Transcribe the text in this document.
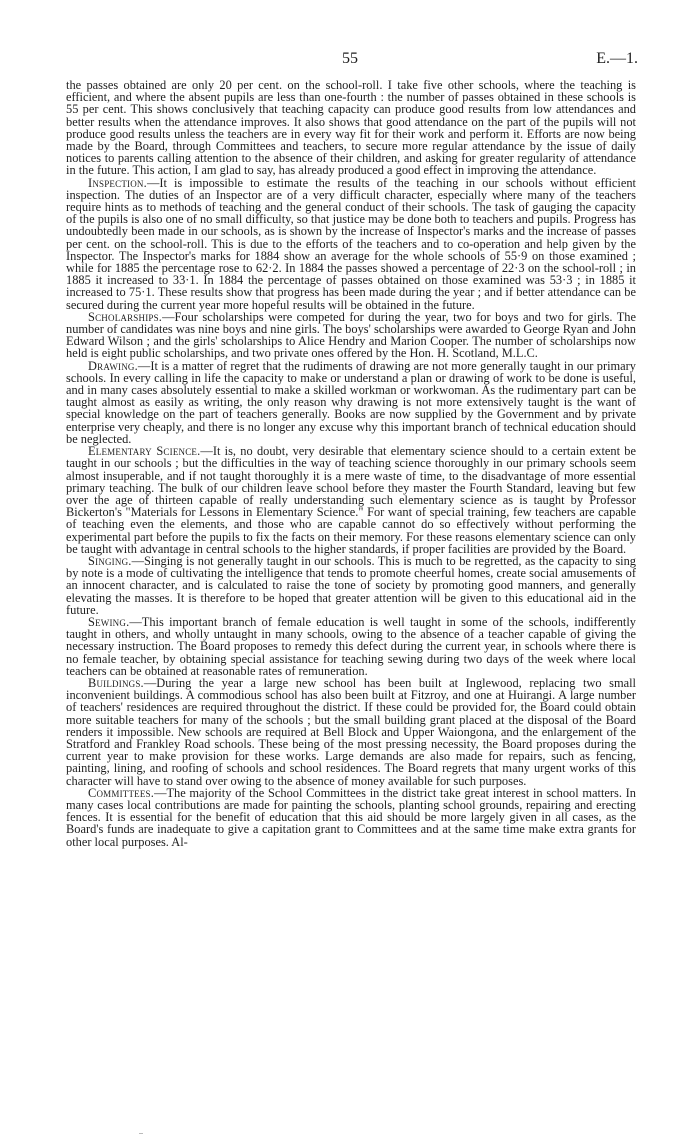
55	E.—1.

the passes obtained are only 20 per cent. on the school-roll. I take five other schools, where the teaching is efficient, and where the absent pupils are less than one-fourth : the number of passes obtained in these schools is 55 per cent. This shows conclusively that teaching capacity can produce good results from low attendances and better results when the attendance improves. It also shows that good attendance on the part of the pupils will not produce good results unless the teachers are in every way fit for their work and perform it. Efforts are now being made by the Board, through Committees and teachers, to secure more regular attendance by the issue of daily notices to parents calling attention to the absence of their children, and asking for greater regularity of attendance in the future. This action, I am glad to say, has already produced a good effect in improving the attendance.

Inspection.—It is impossible to estimate the results of the teaching in our schools without efficient inspection. The duties of an Inspector are of a very difficult character, especially where many of the teachers require hints as to methods of teaching and the general conduct of their schools. The task of gauging the capacity of the pupils is also one of no small difficulty, so that justice may be done both to teachers and pupils. Progress has undoubtedly been made in our schools, as is shown by the increase of Inspector's marks and the increase of passes per cent. on the school-roll. This is due to the efforts of the teachers and to co-operation and help given by the Inspector. The Inspector's marks for 1884 show an average for the whole schools of 55·9 on those examined ; while for 1885 the percentage rose to 62·2. In 1884 the passes showed a percentage of 22·3 on the school-roll ; in 1885 it increased to 33·1. In 1884 the percentage of passes obtained on those examined was 53·3 ; in 1885 it increased to 75·1. These results show that progress has been made during the year ; and if better attendance can be secured during the current year more hopeful results will be obtained in the future.

Scholarships.—Four scholarships were competed for during the year, two for boys and two for girls. The number of candidates was nine boys and nine girls. The boys' scholarships were awarded to George Ryan and John Edward Wilson ; and the girls' scholarships to Alice Hendry and Marion Cooper. The number of scholarships now held is eight public scholarships, and two private ones offered by the Hon. H. Scotland, M.L.C.

Drawing.—It is a matter of regret that the rudiments of drawing are not more generally taught in our primary schools. In every calling in life the capacity to make or understand a plan or drawing of work to be done is useful, and in many cases absolutely essential to make a skilled workman or workwoman. As the rudimentary part can be taught almost as easily as writing, the only reason why drawing is not more extensively taught is the want of special knowledge on the part of teachers generally. Books are now supplied by the Government and by private enterprise very cheaply, and there is no longer any excuse why this important branch of technical education should be neglected.

Elementary Science.—It is, no doubt, very desirable that elementary science should to a certain extent be taught in our schools ; but the difficulties in the way of teaching science thoroughly in our primary schools seem almost insuperable, and if not taught thoroughly it is a mere waste of time, to the disadvantage of more essential primary teaching. The bulk of our children leave school before they master the Fourth Standard, leaving but few over the age of thirteen capable of really understanding such elementary science as is taught by Professor Bickerton's "Materials for Lessons in Elementary Science." For want of special training, few teachers are capable of teaching even the elements, and those who are capable cannot do so effectively without performing the experimental part before the pupils to fix the facts on their memory. For these reasons elementary science can only be taught with advantage in central schools to the higher standards, if proper facilities are provided by the Board.

Singing.—Singing is not generally taught in our schools. This is much to be regretted, as the capacity to sing by note is a mode of cultivating the intelligence that tends to promote cheerful homes, create social amusements of an innocent character, and is calculated to raise the tone of society by promoting good manners, and generally elevating the masses. It is therefore to be hoped that greater attention will be given to this educational aid in the future.

Sewing.—This important branch of female education is well taught in some of the schools, indifferently taught in others, and wholly untaught in many schools, owing to the absence of a teacher capable of giving the necessary instruction. The Board proposes to remedy this defect during the current year, in schools where there is no female teacher, by obtaining special assistance for teaching sewing during two days of the week where local teachers can be obtained at reasonable rates of remuneration.

Buildings.—During the year a large new school has been built at Inglewood, replacing two small inconvenient buildings. A commodious school has also been built at Fitzroy, and one at Huirangi. A large number of teachers' residences are required throughout the district. If these could be provided for, the Board could obtain more suitable teachers for many of the schools ; but the small building grant placed at the disposal of the Board renders it impossible. New schools are required at Bell Block and Upper Waiongona, and the enlargement of the Stratford and Frankley Road schools. These being of the most pressing necessity, the Board proposes during the current year to make provision for these works. Large demands are also made for repairs, such as fencing, painting, lining, and roofing of schools and school residences. The Board regrets that many urgent works of this character will have to stand over owing to the absence of money available for such purposes.

Committees.—The majority of the School Committees in the district take great interest in school matters. In many cases local contributions are made for painting the schools, planting school grounds, repairing and erecting fences. It is essential for the benefit of education that this aid should be more largely given in all cases, as the Board's funds are inadequate to give a capitation grant to Committees and at the same time make extra grants for other local purposes. Al-
